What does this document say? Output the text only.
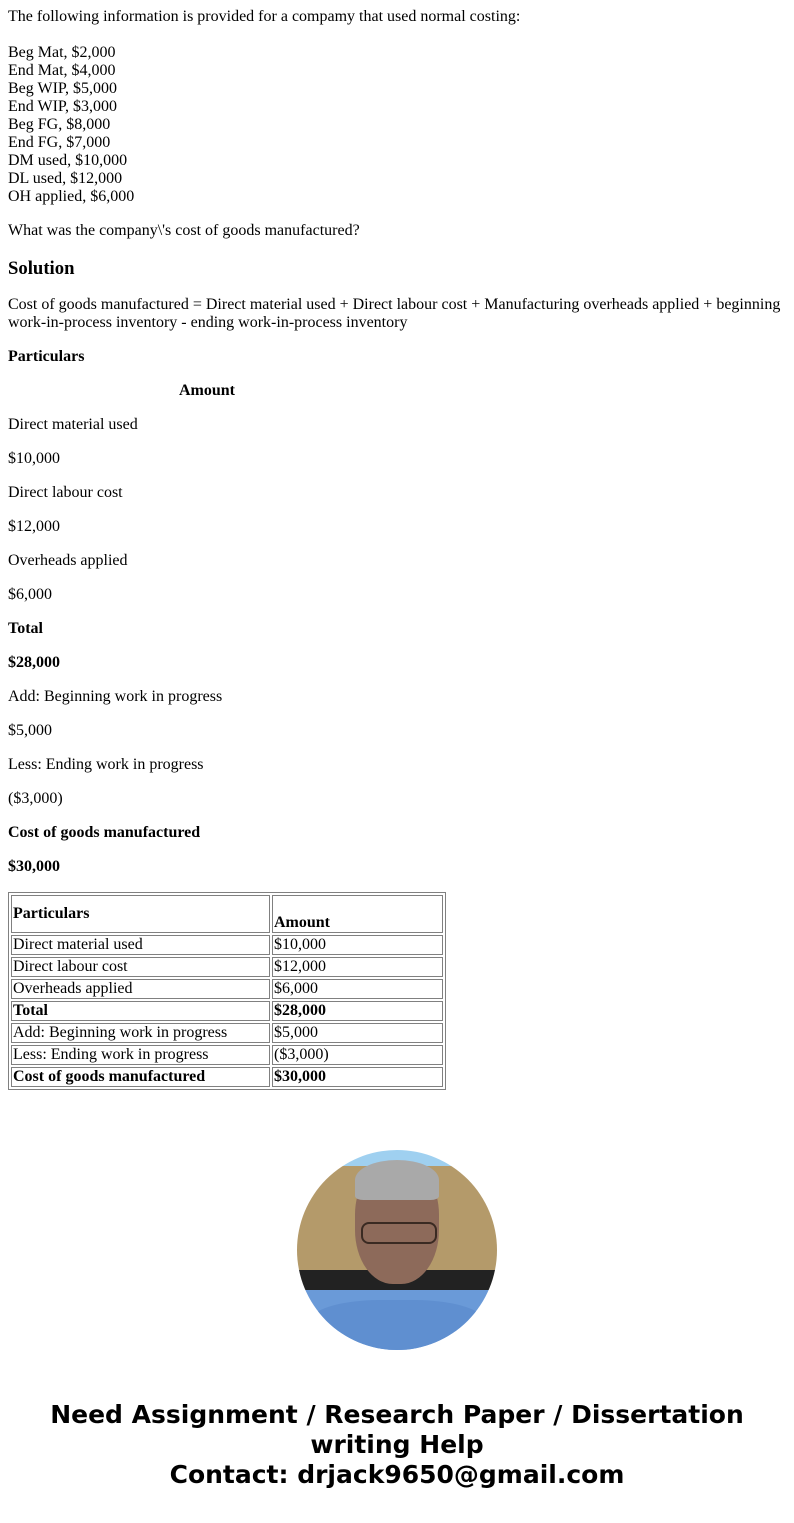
The following information is provided for a compamy that used normal costing:

Beg Mat, $2,000
End Mat, $4,000
Beg WIP, $5,000
End WIP, $3,000
Beg FG, $8,000
End FG, $7,000
DM used, $10,000
DL used, $12,000
OH applied, $6,000

What was the company\'s cost of goods manufactured?

Solution

Cost of goods manufactured = Direct material used + Direct labour cost + Manufacturing overheads applied + beginning work-in-process inventory - ending work-in-process inventory

Particulars

Amount

Direct material used

$10,000

Direct labour cost

$12,000

Overheads applied

$6,000

Total

$28,000

Add: Beginning work in progress

$5,000

Less: Ending work in progress

($3,000)

Cost of goods manufactured

$30,000

Particulars	Amount
Direct material used	$10,000
Direct labour cost	$12,000
Overheads applied	$6,000
Total	$28,000
Add: Beginning work in progress	$5,000
Less: Ending work in progress	($3,000)
Cost of goods manufactured	$30,000
Need Assignment / Research Paper / Dissertation writing Help
Contact: drjack9650@gmail.com
